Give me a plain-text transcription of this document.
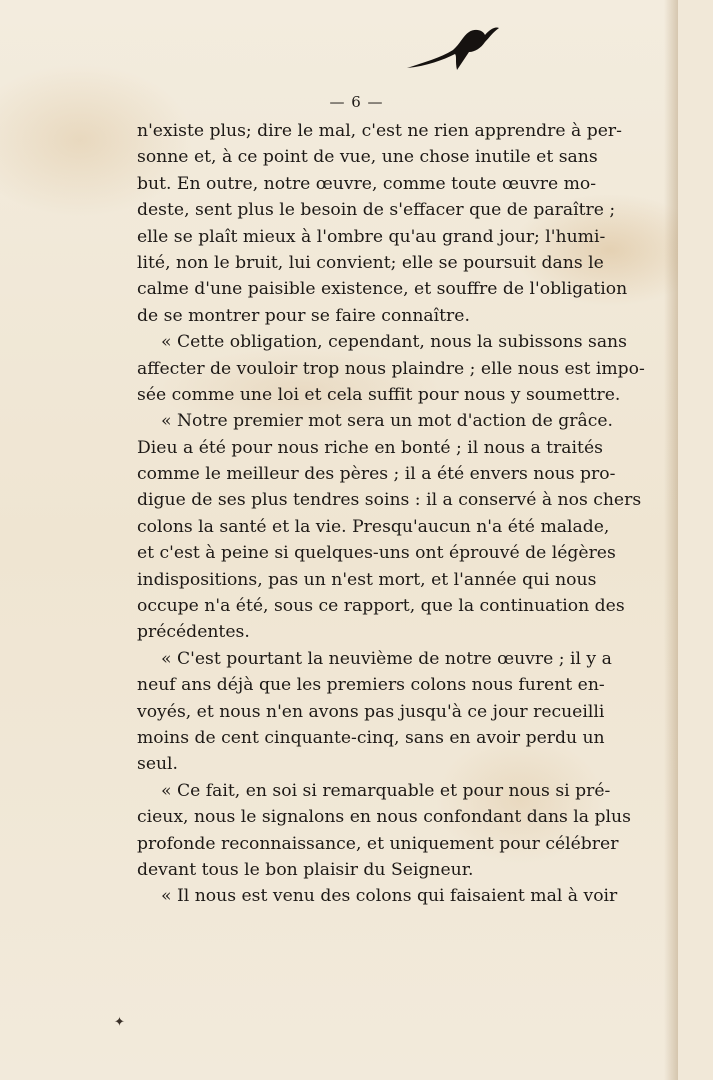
— 6 —
n'existe plus; dire le mal, c'est ne rien apprendre à per-
sonne et, à ce point de vue, une chose inutile et sans
but. En outre, notre œuvre, comme toute œuvre mo-
deste, sent plus le besoin de s'effacer que de paraître ;
elle se plaît mieux à l'ombre qu'au grand jour; l'humi-
lité, non le bruit, lui convient; elle se poursuit dans le
calme d'une paisible existence, et souffre de l'obligation
de se montrer pour se faire connaître.
« Cette obligation, cependant, nous la subissons sans
affecter de vouloir trop nous plaindre ; elle nous est impo-
sée comme une loi et cela suffit pour nous y soumettre.
« Notre premier mot sera un mot d'action de grâce.
Dieu a été pour nous riche en bonté ; il nous a traités
comme le meilleur des pères ; il a été envers nous pro-
digue de ses plus tendres soins : il a conservé à nos chers
colons la santé et la vie. Presqu'aucun n'a été malade,
et c'est à peine si quelques-uns ont éprouvé de légères
indispositions, pas un n'est mort, et l'année qui nous
occupe n'a été, sous ce rapport, que la continuation des
précédentes.
« C'est pourtant la neuvième de notre œuvre ; il y a
neuf ans déjà que les premiers colons nous furent en-
voyés, et nous n'en avons pas jusqu'à ce jour recueilli
moins de cent cinquante-cinq, sans en avoir perdu un
seul.
« Ce fait, en soi si remarquable et pour nous si pré-
cieux, nous le signalons en nous confondant dans la plus
profonde reconnaissance, et uniquement pour célébrer
devant tous le bon plaisir du Seigneur.
« Il nous est venu des colons qui faisaient mal à voir
✦
